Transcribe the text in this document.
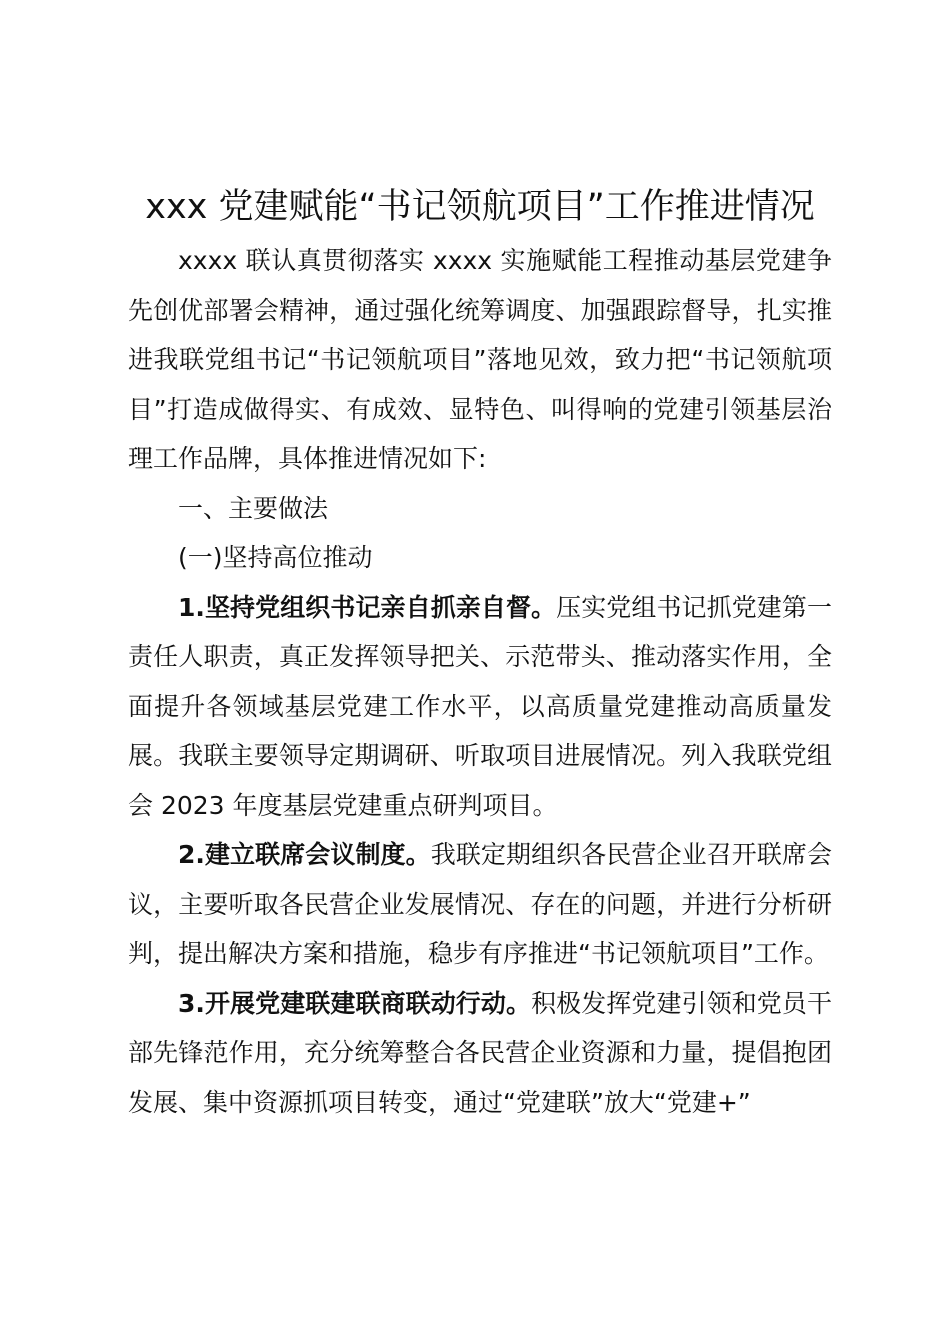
xxx 党建赋能“书记领航项目”工作推进情况

xxxx 联认真贯彻落实 xxxx 实施赋能工程推动基层党建争先创优部署会精神，通过强化统筹调度、加强跟踪督导，扎实推进我联党组书记“书记领航项目”落地见效，致力把“书记领航项目”打造成做得实、有成效、显特色、叫得响的党建引领基层治理工作品牌，具体推进情况如下:

一、主要做法

(一)坚持高位推动

1.坚持党组织书记亲自抓亲自督。压实党组书记抓党建第一责任人职责，真正发挥领导把关、示范带头、推动落实作用，全面提升各领域基层党建工作水平，以高质量党建推动高质量发展。我联主要领导定期调研、听取项目进展情况。列入我联党组会 2023 年度基层党建重点研判项目。

2.建立联席会议制度。我联定期组织各民营企业召开联席会议，主要听取各民营企业发展情况、存在的问题，并进行分析研判，提出解决方案和措施，稳步有序推进“书记领航项目”工作。

3.开展党建联建联商联动行动。积极发挥党建引领和党员干部先锋范作用，充分统筹整合各民营企业资源和力量，提倡抱团发展、集中资源抓项目转变，通过“党建联”放大“党建+”
